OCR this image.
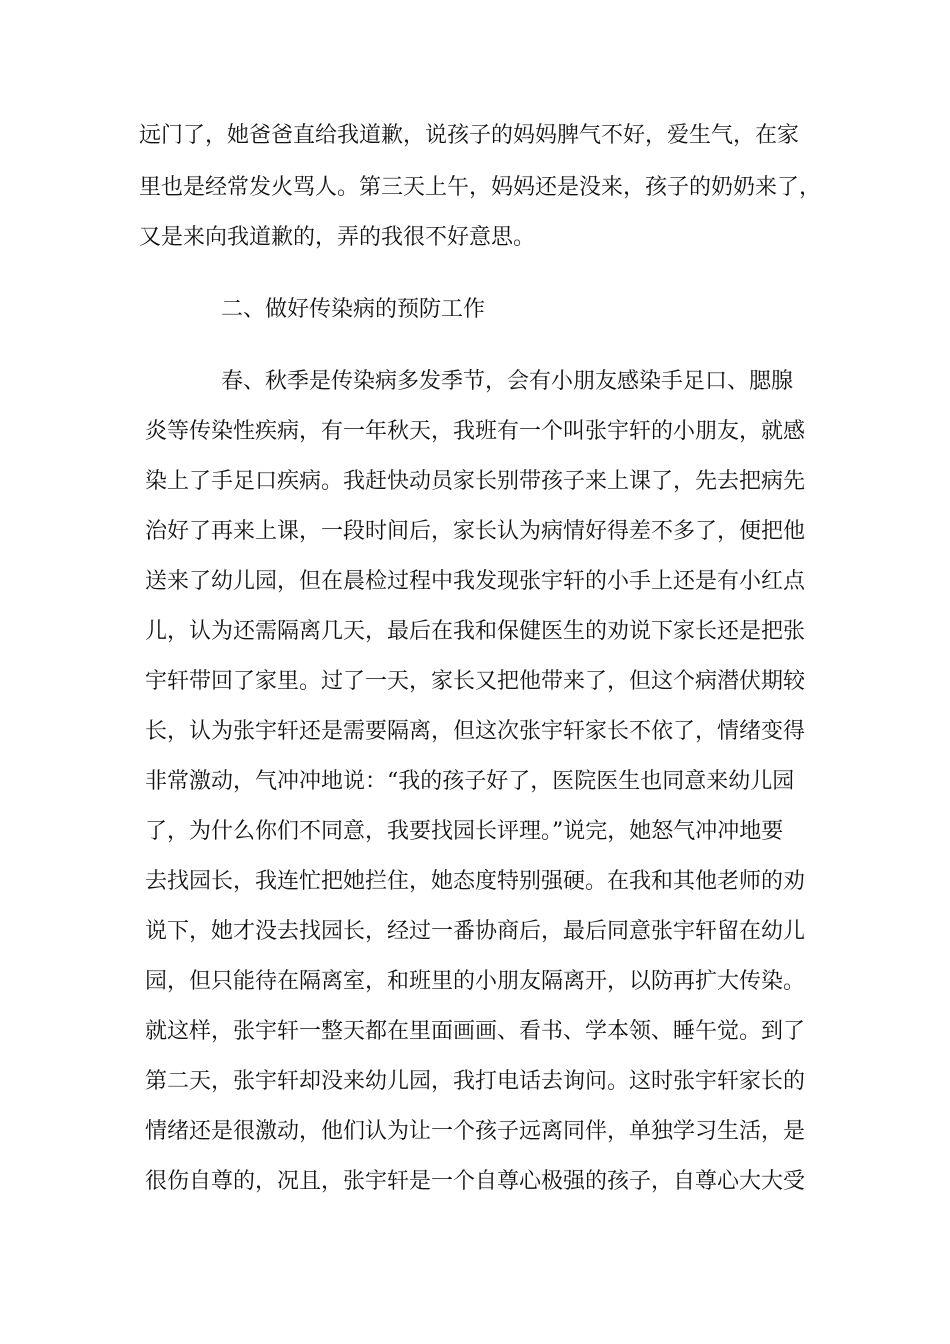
远门了，她爸爸直给我道歉，说孩子的妈妈脾气不好，爱生气，在家

里也是经常发火骂人。第三天上午，妈妈还是没来，孩子的奶奶来了，

又是来向我道歉的，弄的我很不好意思。

二、做好传染病的预防工作

春、秋季是传染病多发季节，会有小朋友感染手足口、腮腺

炎等传染性疾病，有一年秋天，我班有一个叫张宇轩的小朋友，就感

染上了手足口疾病。我赶快动员家长别带孩子来上课了，先去把病先

治好了再来上课，一段时间后，家长认为病情好得差不多了，便把他

送来了幼儿园，但在晨检过程中我发现张宇轩的小手上还是有小红点

儿，认为还需隔离几天，最后在我和保健医生的劝说下家长还是把张

宇轩带回了家里。过了一天，家长又把他带来了，但这个病潜伏期较

长，认为张宇轩还是需要隔离，但这次张宇轩家长不依了，情绪变得

非常激动，气冲冲地说：“我的孩子好了，医院医生也同意来幼儿园

了，为什么你们不同意，我要找园长评理。”说完，她怒气冲冲地要

去找园长，我连忙把她拦住，她态度特别强硬。在我和其他老师的劝

说下，她才没去找园长，经过一番协商后，最后同意张宇轩留在幼儿

园，但只能待在隔离室，和班里的小朋友隔离开，以防再扩大传染。

就这样，张宇轩一整天都在里面画画、看书、学本领、睡午觉。到了

第二天，张宇轩却没来幼儿园，我打电话去询问。这时张宇轩家长的

情绪还是很激动，他们认为让一个孩子远离同伴，单独学习生活，是

很伤自尊的，况且，张宇轩是一个自尊心极强的孩子，自尊心大大受
